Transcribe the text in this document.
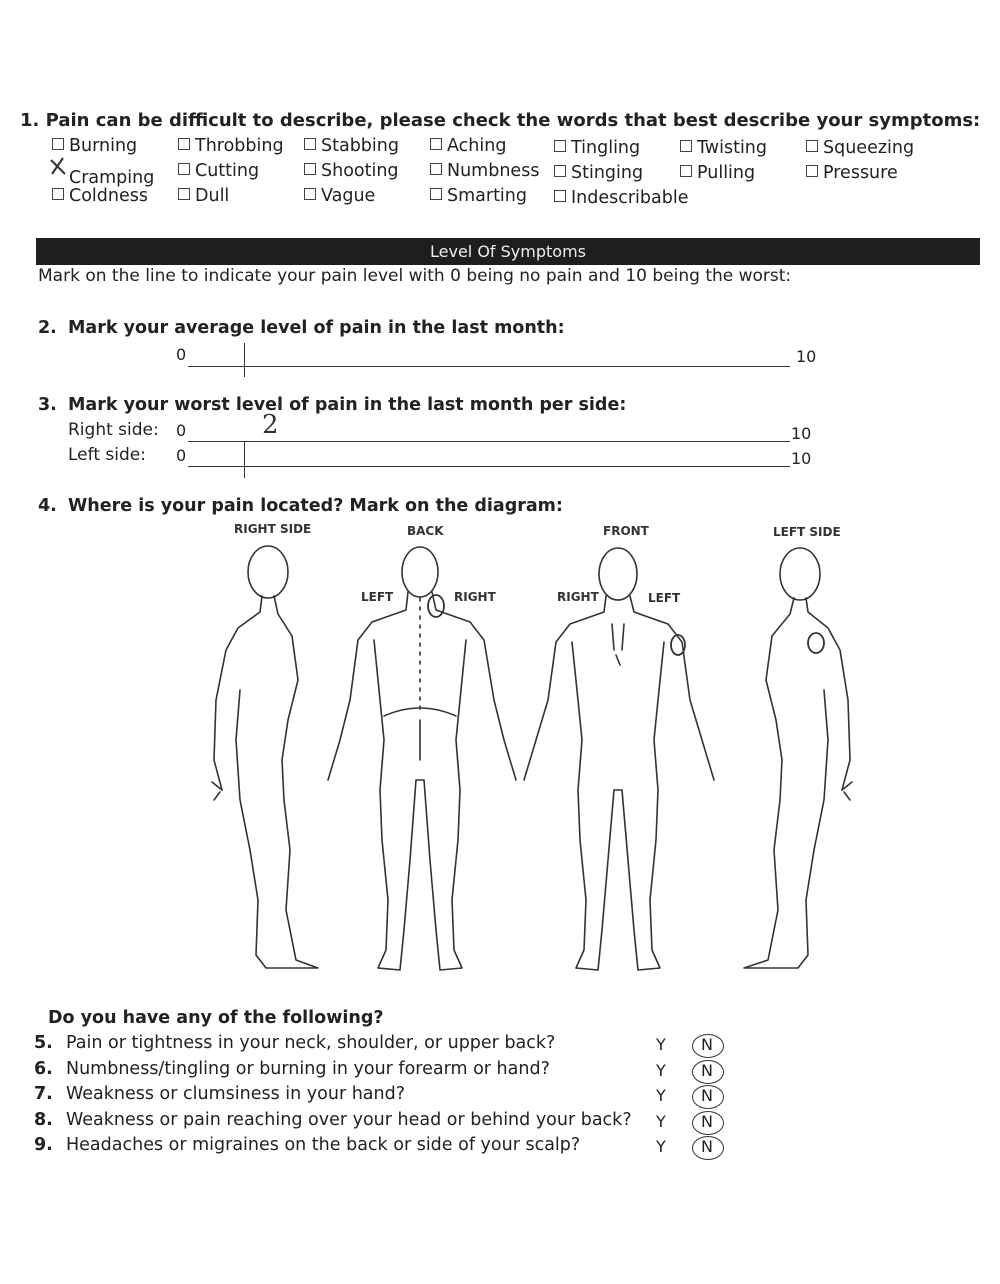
1. Pain can be difficult to describe, please check the words that best describe your symptoms:
Burning	Throbbing	Stabbing	Aching	Tingling	Twisting	Squeezing
Cramping	Cutting	Shooting	Numbness	Stinging	Pulling	Pressure
Coldness	Dull	Vague	Smarting	Indescribable
Level Of Symptoms
Mark on the line to indicate your pain level with 0 being no pain and 10 being the worst:
2. Mark your average level of pain in the last month:
0	10
3. Mark your worst level of pain in the last month per side:
Right side: 0	2	10
Left side: 0	10
4. Where is your pain located? Mark on the diagram:
RIGHT SIDE	BACK	FRONT	LEFT SIDE
LEFT	RIGHT	RIGHT	LEFT
Do you have any of the following?
5. Pain or tightness in your neck, shoulder, or upper back?	Y N
6. Numbness/tingling or burning in your forearm or hand?	Y N
7. Weakness or clumsiness in your hand?	Y N
8. Weakness or pain reaching over your head or behind your back? Y N
9. Headaches or migraines on the back or side of your scalp?	Y N
